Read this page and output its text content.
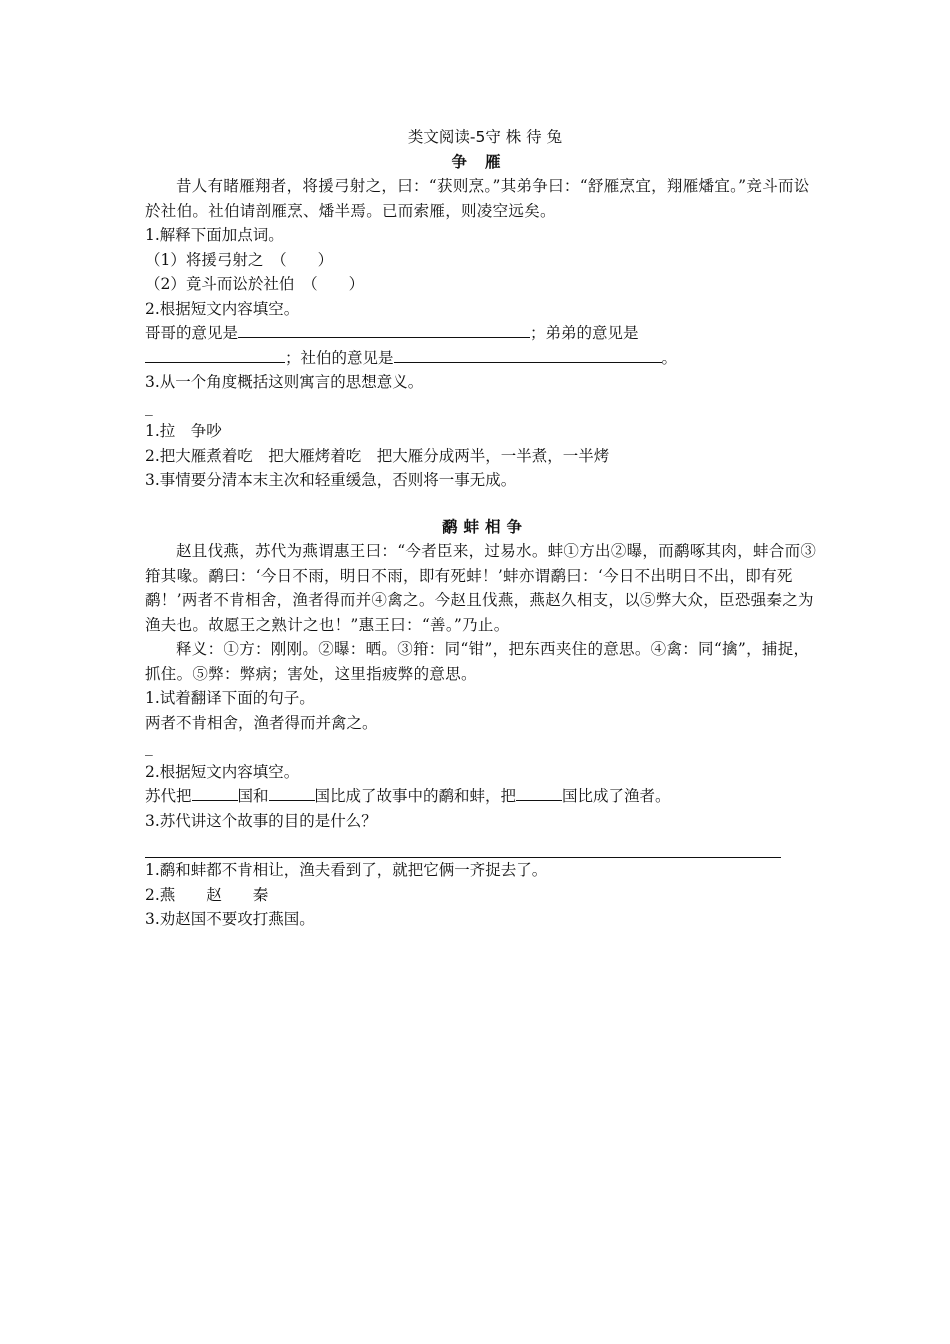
类文阅读-5守 株 待 兔

争雁

昔人有睹雁翔者，将援弓射之，曰：“获则烹。”其弟争曰：“舒雁烹宜，翔雁燔宜。”竞斗而讼於社伯。社伯请剖雁烹、燔半焉。已而索雁，则凌空远矣。

1.解释下面加点词。

（1）将援弓射之　（　　）

（2）竟斗而讼於社伯　（　　）

2.根据短文内容填空。

哥哥的意见是	；弟弟的意见是

；社伯的意见是	。

3.从一个角度概括这则寓言的思想意义。

_

1.拉　争吵

2.把大雁煮着吃　把大雁烤着吃　把大雁分成两半，一半煮，一半烤

3.事情要分清本末主次和轻重缓急，否则将一事无成。

鹬蚌相争

赵且伐燕，苏代为燕谓惠王曰：“今者臣来，过易水。蚌①方出②曝，而鹬啄其肉，蚌合而③箝其喙。鹬曰：‘今日不雨，明日不雨，即有死蚌！’蚌亦谓鹬曰：‘今日不出明日不出，即有死鹬！’两者不肯相舍，渔者得而并④禽之。今赵且伐燕，燕赵久相支，以⑤弊大众，臣恐强秦之为渔夫也。故愿王之熟计之也！”惠王曰：“善。”乃止。

释义：①方：刚刚。②曝：晒。③箝：同“钳”，把东西夹住的意思。④禽：同“擒”，捕捉，抓住。⑤弊：弊病；害处，这里指疲弊的意思。

1.试着翻译下面的句子。

两者不肯相舍，渔者得而并禽之。

_

2.根据短文内容填空。

苏代把	国和	国比成了故事中的鹬和蚌，把	国比成了渔者。

3.苏代讲这个故事的目的是什么？

1.鹬和蚌都不肯相让，渔夫看到了，就把它俩一齐捉去了。

2.燕　　赵　　秦

3.劝赵国不要攻打燕国。
